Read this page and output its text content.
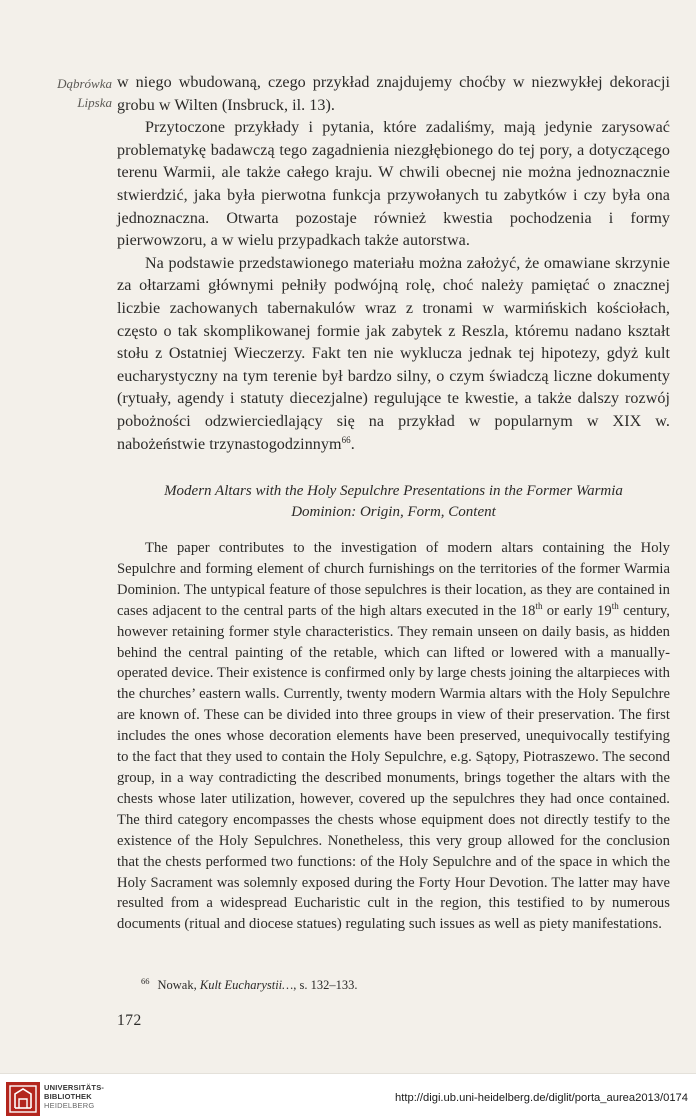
Dąbrówka
Lipska

w niego wbudowaną, czego przykład znajdujemy choćby w niezwykłej dekoracji grobu w Wilten (Insbruck, il. 13).

Przytoczone przykłady i pytania, które zadaliśmy, mają jedynie zarysować problematykę badawczą tego zagadnienia niezgłębionego do tej pory, a dotyczącego terenu Warmii, ale także całego kraju. W chwili obecnej nie można jednoznacznie stwierdzić, jaka była pierwotna funkcja przywołanych tu zabytków i czy była ona jednoznaczna. Otwarta pozostaje również kwestia pochodzenia i formy pierwowzoru, a w wielu przypadkach także autorstwa.

Na podstawie przedstawionego materiału można założyć, że omawiane skrzynie za ołtarzami głównymi pełniły podwójną rolę, choć należy pamiętać o znacznej liczbie zachowanych tabernakulów wraz z tronami w warmińskich kościołach, często o tak skomplikowanej formie jak zabytek z Reszla, któremu nadano kształt stołu z Ostatniej Wieczerzy. Fakt ten nie wyklucza jednak tej hipotezy, gdyż kult eucharystyczny na tym terenie był bardzo silny, o czym świadczą liczne dokumenty (rytuały, agendy i statuty diecezjalne) regulujące te kwestie, a także dalszy rozwój pobożności odzwierciedlający się na przykład w popularnym w XIX w. nabożeństwie trzynastogodzinnym$^{66}$.

Modern Altars with the Holy Sepulchre Presentations in the Former Warmia
Dominion: Origin, Form, Content

The paper contributes to the investigation of modern altars containing the Holy Sepulchre and forming element of church furnishings on the territories of the former Warmia Dominion. The untypical feature of those sepulchres is their location, as they are contained in cases adjacent to the central parts of the high altars executed in the 18th or early 19th century, however retaining former style characteristics. They remain unseen on daily basis, as hidden behind the central painting of the retable, which can lifted or lowered with a manually-operated device. Their existence is confirmed only by large chests joining the altarpieces with the churches’ eastern walls. Currently, twenty modern Warmia altars with the Holy Sepulchre are known of. These can be divided into three groups in view of their preservation. The first includes the ones whose decoration elements have been preserved, unequivocally testifying to the fact that they used to contain the Holy Sepulchre, e.g. Sątopy, Piotraszewo. The second group, in a way contradicting the described monuments, brings together the altars with the chests whose later utilization, however, covered up the sepulchres they had once contained. The third category encompasses the chests whose equipment does not directly testify to the existence of the Holy Sepulchres. Nonetheless, this very group allowed for the conclusion that the chests performed two functions: of the Holy Sepulchre and of the space in which the Holy Sacrament was solemnly exposed during the Forty Hour Devotion. The latter may have resulted from a widespread Eucharistic cult in the region, this testified to by numerous documents (ritual and diocese statues) regulating such issues as well as piety manifestations.

$^{66}$ Nowak, Kult Eucharystii…, s. 132–133.
172
UNIVERSITÄTS-
BIBLIOTHEK
HEIDELBERG
http://digi.ub.uni-heidelberg.de/diglit/porta_aurea2013/0174
